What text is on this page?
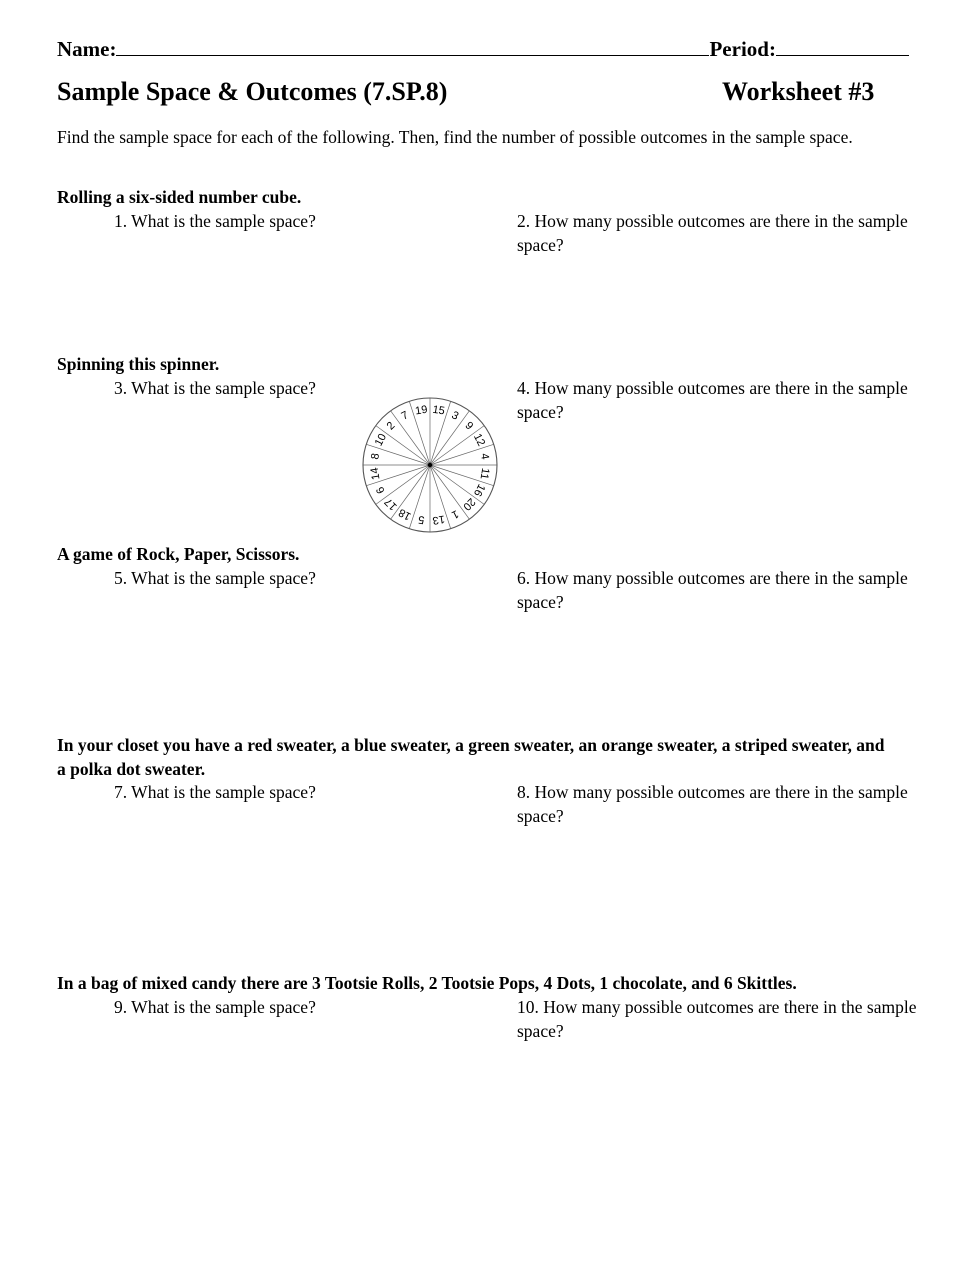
Name:	Period:
Sample Space & Outcomes (7.SP.8)	Worksheet #3
Find the sample space for each of the following. Then, find the number of possible outcomes in the sample space.
Rolling a six-sided number cube.
1. What is the sample space?	2. How many possible outcomes are there in the sample space?
Spinning this spinner.
3. What is the sample space?	4. How many possible outcomes are there in the sample space?
15 3
9
12
4
11
16
20
1
13
5
18
17
6
14
8
10
2
7 19
A game of Rock, Paper, Scissors.
5. What is the sample space?	6. How many possible outcomes are there in the sample space?
In your closet you have a red sweater, a blue sweater, a green sweater, an orange sweater, a striped sweater, and a polka dot sweater.
7. What is the sample space?	8. How many possible outcomes are there in the sample space?
In a bag of mixed candy there are 3 Tootsie Rolls, 2 Tootsie Pops, 4 Dots, 1 chocolate, and 6 Skittles.
9. What is the sample space?	10. How many possible outcomes are there in the sample space?
